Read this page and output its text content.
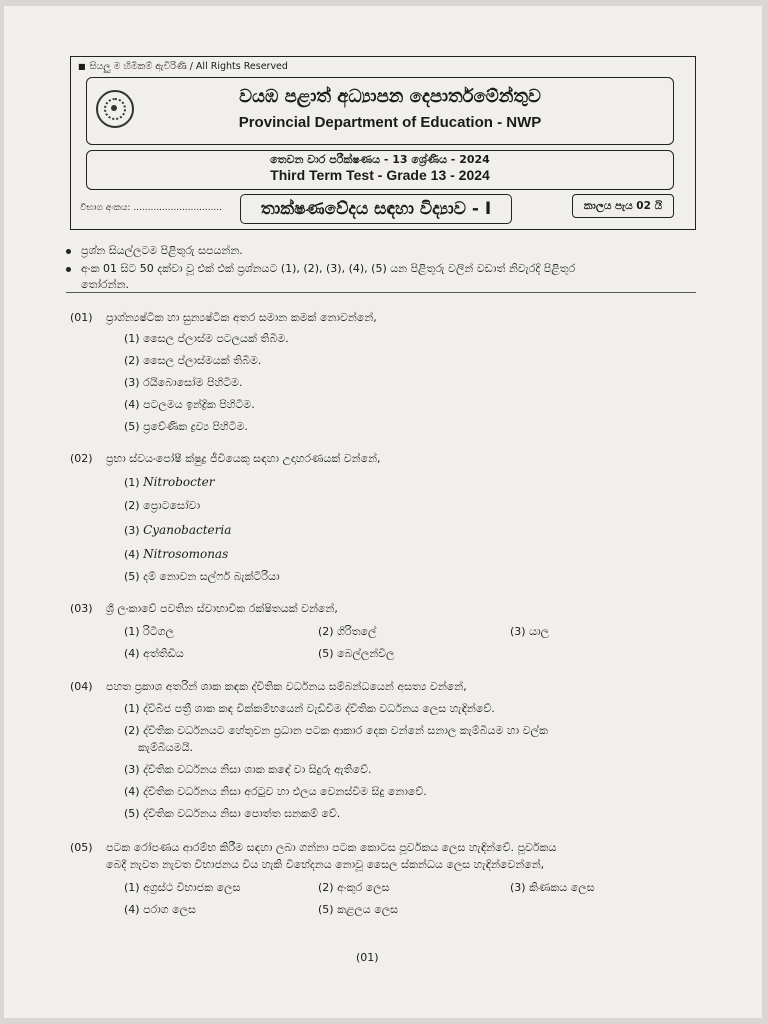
■ සියලු ම හිමිකම් ඇවිරිණි / All Rights Reserved
වයඹ පළාත් අධ්‍යාපන දෙපාර්තමේන්තුව
Provincial Department of Education - NWP
තෙවන වාර පරීක්ෂණය - 13 ශ්‍රේණිය - 2024
Third Term Test - Grade 13 - 2024
විභාග අංකය: ...............................	තාක්ෂණවේදය සඳහා විද්‍යාව - I	කාලය පැය 02 යි
ප්‍රශ්න සියල්ලටම පිළිතුරු සපයන්න.
අංක 01 සිට 50 දක්වා වූ එක් එක් ප්‍රශ්නයට (1), (2), (3), (4), (5) යන පිළිතුරු වලින් වඩාත් නිවැරදි පිළිතුර
තෝරන්න.
(01) ප්‍රාග්න්‍යෂ්ටික හා සුන්‍යෂ්ටික අතර සමාන කමක් නොවන්නේ,
(1) සෛල ප්ලාස්ම පටලයක් තිබීම.
(2) සෛල ප්ලාස්මයක් තිබීම.
(3) රයිබොසෝම පිහිටීම.
(4) පටලමය ඉන්ද්‍රික පිහිටීම.
(5) ප්‍රවේණික ද්‍රව්‍ය පිහිටීම.
(02) ප්‍රභා ස්වයංපෝෂී ක්ෂුද්‍ර ජීවියෙකු සඳහා උදාහරණයක් වන්නේ,
(1) Nitrobocter
(2) ප්‍රොටසෝවා
(3) Cyanobacteria
(4) Nitrosomonas
(5) දම් නොවන සල්ෆර් බැක්ටීරියා
(03) ශ්‍රී ලංකාවේ පවතින ස්වාභාවික රක්ෂිතයක් වන්නේ,
(1) රිටිගල	(2) ගිරිතලේ	(3) යාල
(4) අත්තිඩිය	(5) බෙල්ලන්විල
(04) පහත ප්‍රකාශ අතරින් ශාක කඳක ද්විතික වර්ධනය සම්බන්ධයෙන් අසත්‍ය වන්නේ,
(1) ද්විබීජ පත්‍රී ශාක කඳ වික්කම්භයෙන් වැඩිවීම ද්විතික වර්ධනය ලෙස හැඳින්වේ.
(2) ද්විතික වර්ධනයට හේතුවන ප්‍රධාන පටක ආකාර දෙක වන්නේ සනාල කැම්බියම හා වල්ක
කැම්බියමයි.
(3) ද්විතික වර්ධනය නිසා ශාක කඳේ වා සිදුරු ඇතිවේ.
(4) ද්විතික වර්ධනය නිසා අරටුව හා එලය වෙනස්වීම සිදු නොවේ.
(5) ද්විතික වර්ධනය නිසා පොත්ත ඝනකම් වේ.
(05) පටක රෝපණය ආරම්භ කිරීම සඳහා ලබා ගන්නා පටක කොටස පූර්වකය ලෙස හැඳින්වේ. පූර්වකය
බෙදී නැවත නැවත විභාජනය විය හැකි විභේදනය නොවූ සෛල ස්කන්ධය ලෙස හැඳින්වෙන්නේ,
(1) අග්‍රස්ථ විභාජක ලෙස	(2) අංකුර ලෙස	(3) කිණකය ලෙස
(4) පරාග ලෙස	(5) කළලය ලෙස
(01)
